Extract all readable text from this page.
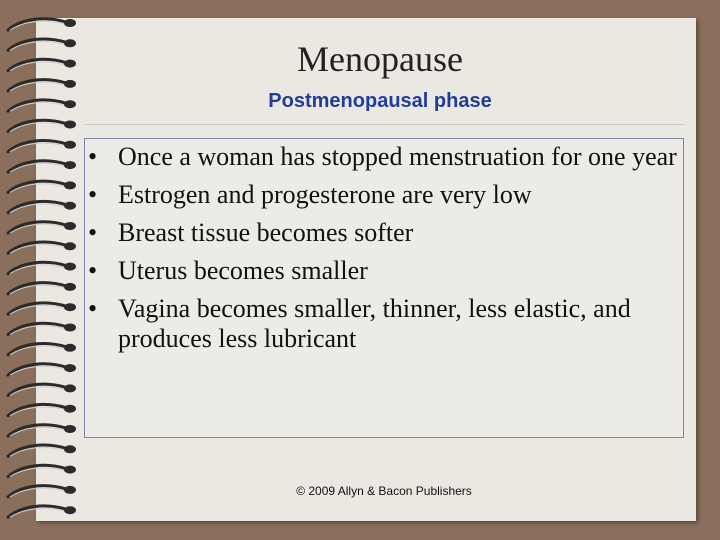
Menopause
Postmenopausal phase
• Once a woman has stopped menstruation for one year
• Estrogen and progesterone are very low
• Breast tissue becomes softer
• Uterus becomes smaller
• Vagina becomes smaller, thinner, less elastic, and produces less lubricant
© 2009 Allyn & Bacon Publishers
